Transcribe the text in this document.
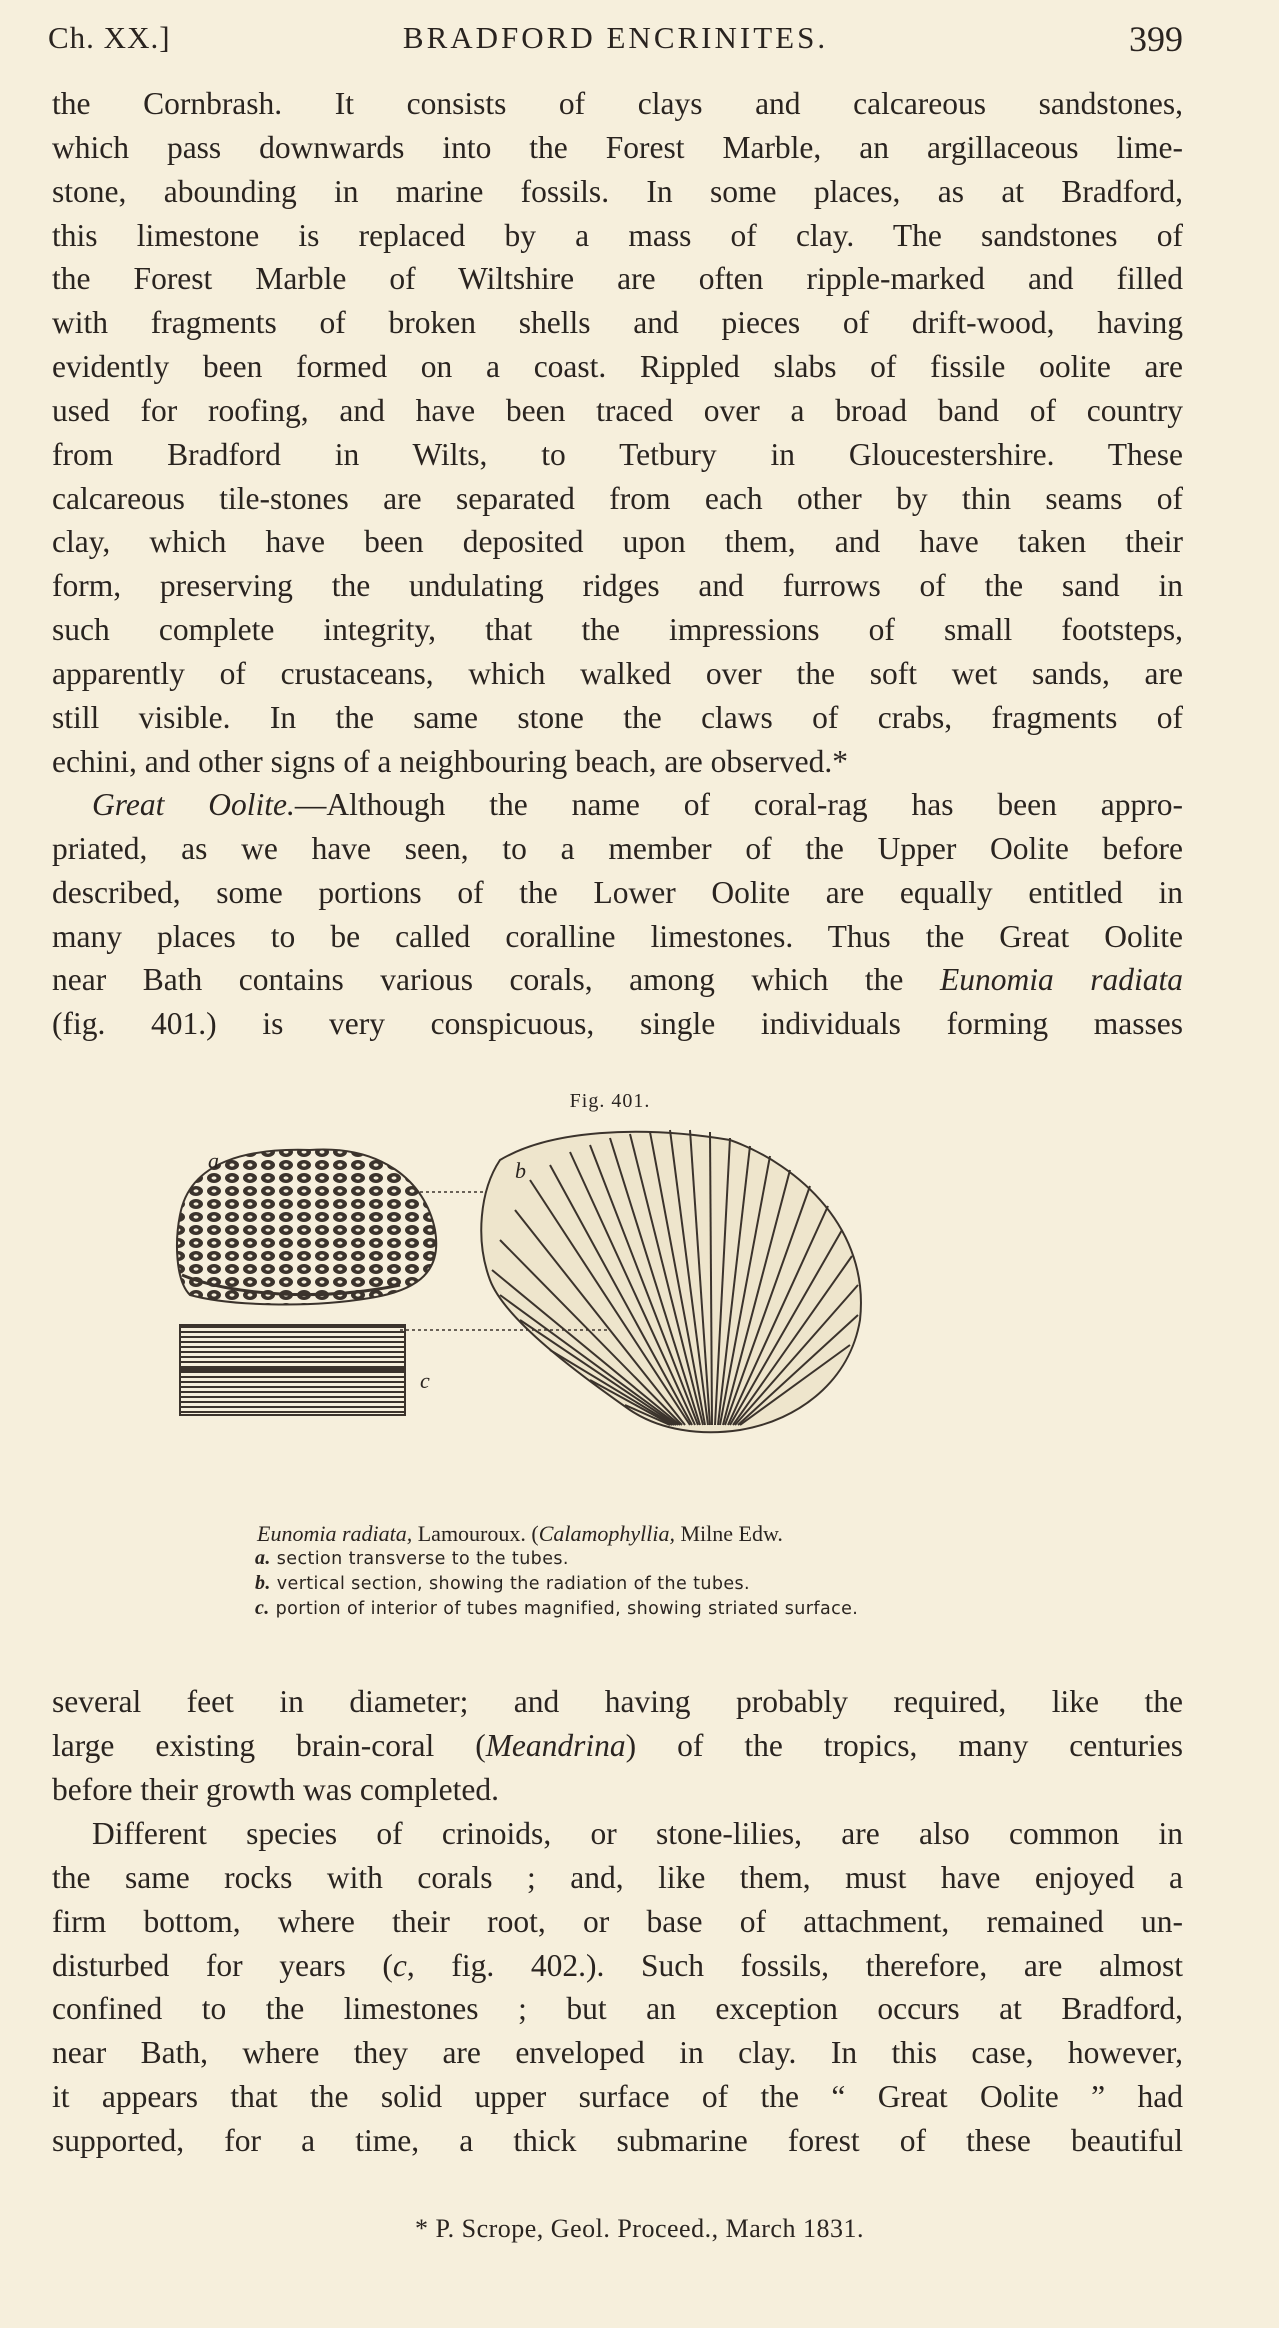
Ch. XX.]	BRADFORD ENCRINITES.	399

the Cornbrash. It consists of clays and calcareous sandstones,
which pass downwards into the Forest Marble, an argillaceous lime-
stone, abounding in marine fossils. In some places, as at Bradford,
this limestone is replaced by a mass of clay. The sandstones of
the Forest Marble of Wiltshire are often ripple-marked and filled
with fragments of broken shells and pieces of drift-wood, having
evidently been formed on a coast. Rippled slabs of fissile oolite are
used for roofing, and have been traced over a broad band of country
from Bradford in Wilts, to Tetbury in Gloucestershire. These
calcareous tile-stones are separated from each other by thin seams of
clay, which have been deposited upon them, and have taken their
form, preserving the undulating ridges and furrows of the sand in
such complete integrity, that the impressions of small footsteps,
apparently of crustaceans, which walked over the soft wet sands, are
still visible. In the same stone the claws of crabs, fragments of
echini, and other signs of a neighbouring beach, are observed.*

Great Oolite.—Although the name of coral-rag has been appro-
priated, as we have seen, to a member of the Upper Oolite before
described, some portions of the Lower Oolite are equally entitled in
many places to be called coralline limestones. Thus the Great Oolite
near Bath contains various corals, among which the Eunomia radiata
(fig. 401.) is very conspicuous, single individuals forming masses

Fig. 401.
a	b
c
Eunomia radiata, Lamouroux. (Calamophyllia, Milne Edw.
a. section transverse to the tubes.
b. vertical section, showing the radiation of the tubes.
c. portion of interior of tubes magnified, showing striated surface.

several feet in diameter; and having probably required, like the
large existing brain-coral (Meandrina) of the tropics, many centuries
before their growth was completed.

Different species of crinoids, or stone-lilies, are also common in
the same rocks with corals ; and, like them, must have enjoyed a
firm bottom, where their root, or base of attachment, remained un-
disturbed for years (c, fig. 402.). Such fossils, therefore, are almost
confined to the limestones ; but an exception occurs at Bradford,
near Bath, where they are enveloped in clay. In this case, however,
it appears that the solid upper surface of the “ Great Oolite ” had
supported, for a time, a thick submarine forest of these beautiful

* P. Scrope, Geol. Proceed., March 1831.
